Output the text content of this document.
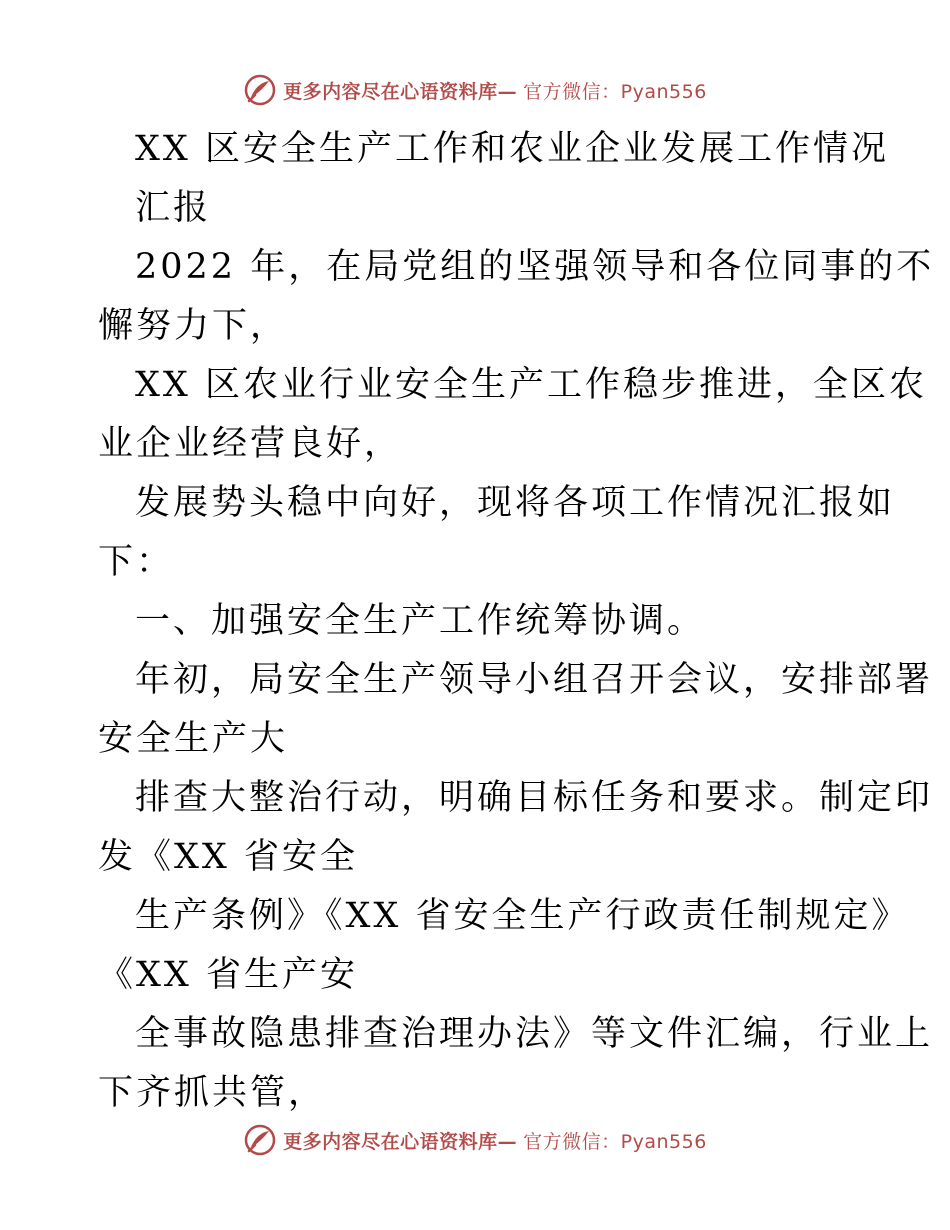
更多内容尽在心语资料库— 官方微信：Pyan556
XX 区安全生产工作和农业企业发展工作情况
汇报
2022 年，在局党组的坚强领导和各位同事的不
懈努力下，
XX 区农业行业安全生产工作稳步推进，全区农
业企业经营良好，
发展势头稳中向好，现将各项工作情况汇报如
下：
一、加强安全生产工作统筹协调。
年初，局安全生产领导小组召开会议，安排部署
安全生产大
排查大整治行动，明确目标任务和要求。制定印
发《XX 省安全
生产条例》《XX 省安全生产行政责任制规定》
《XX 省生产安
全事故隐患排查治理办法》等文件汇编，行业上
下齐抓共管，
更多内容尽在心语资料库— 官方微信：Pyan556
